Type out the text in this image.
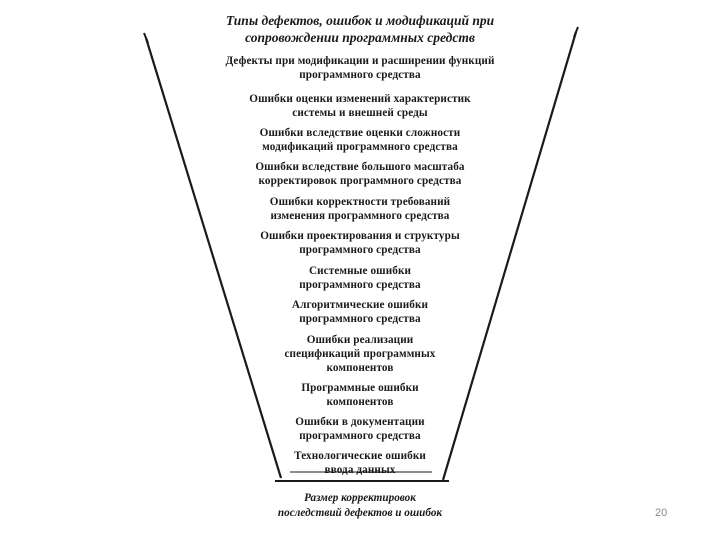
Типы дефектов, ошибок и модификаций при
сопровождении программных средств
Дефекты при модификации и расширении функций
программного средства
Ошибки оценки изменений характеристик
системы и внешней среды
Ошибки вследствие оценки сложности
модификаций программного средства
Ошибки вследствие большого масштаба
корректировок программного средства
Ошибки корректности требований
изменения программного средства
Ошибки проектирования и структуры
программного средства
Системные ошибки
программного средства
Алгоритмические ошибки
программного средства
Ошибки реализации
спецификаций программных
компонентов
Программные ошибки
компонентов
Ошибки в документации
программного средства
Технологические ошибки
ввода данных
Размер корректировок
последствий дефектов и ошибок	20
